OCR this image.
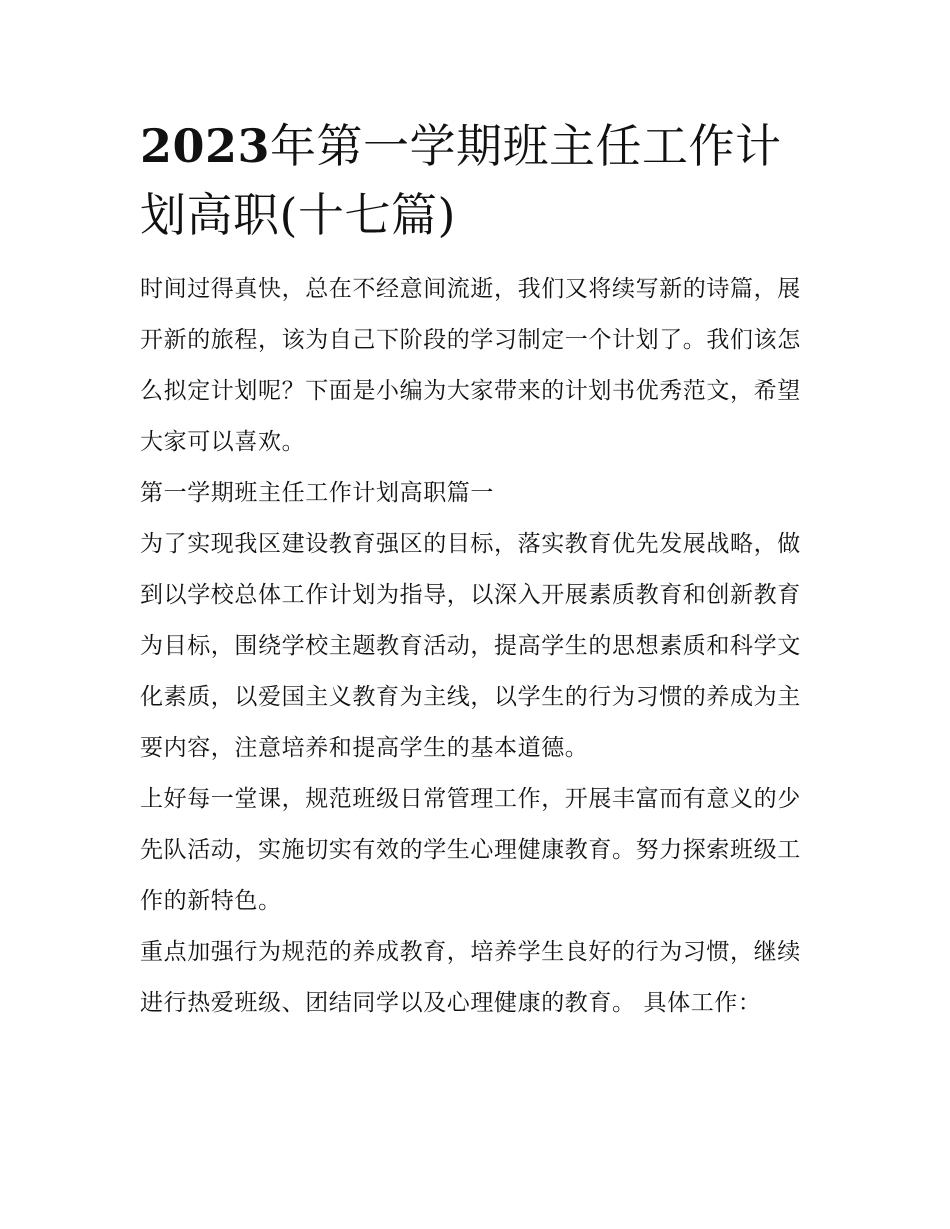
2023年第一学期班主任工作计划高职(十七篇)

时间过得真快，总在不经意间流逝，我们又将续写新的诗篇，展开新的旅程，该为自己下阶段的学习制定一个计划了。我们该怎么拟定计划呢？下面是小编为大家带来的计划书优秀范文，希望大家可以喜欢。

第一学期班主任工作计划高职篇一

为了实现我区建设教育强区的目标，落实教育优先发展战略，做到以学校总体工作计划为指导，以深入开展素质教育和创新教育为目标，围绕学校主题教育活动，提高学生的思想素质和科学文化素质，以爱国主义教育为主线，以学生的行为习惯的养成为主要内容，注意培养和提高学生的基本道德。

上好每一堂课，规范班级日常管理工作，开展丰富而有意义的少先队活动，实施切实有效的学生心理健康教育。努力探索班级工作的新特色。

重点加强行为规范的养成教育，培养学生良好的行为习惯，继续进行热爱班级、团结同学以及心理健康的教育。 具体工作：
